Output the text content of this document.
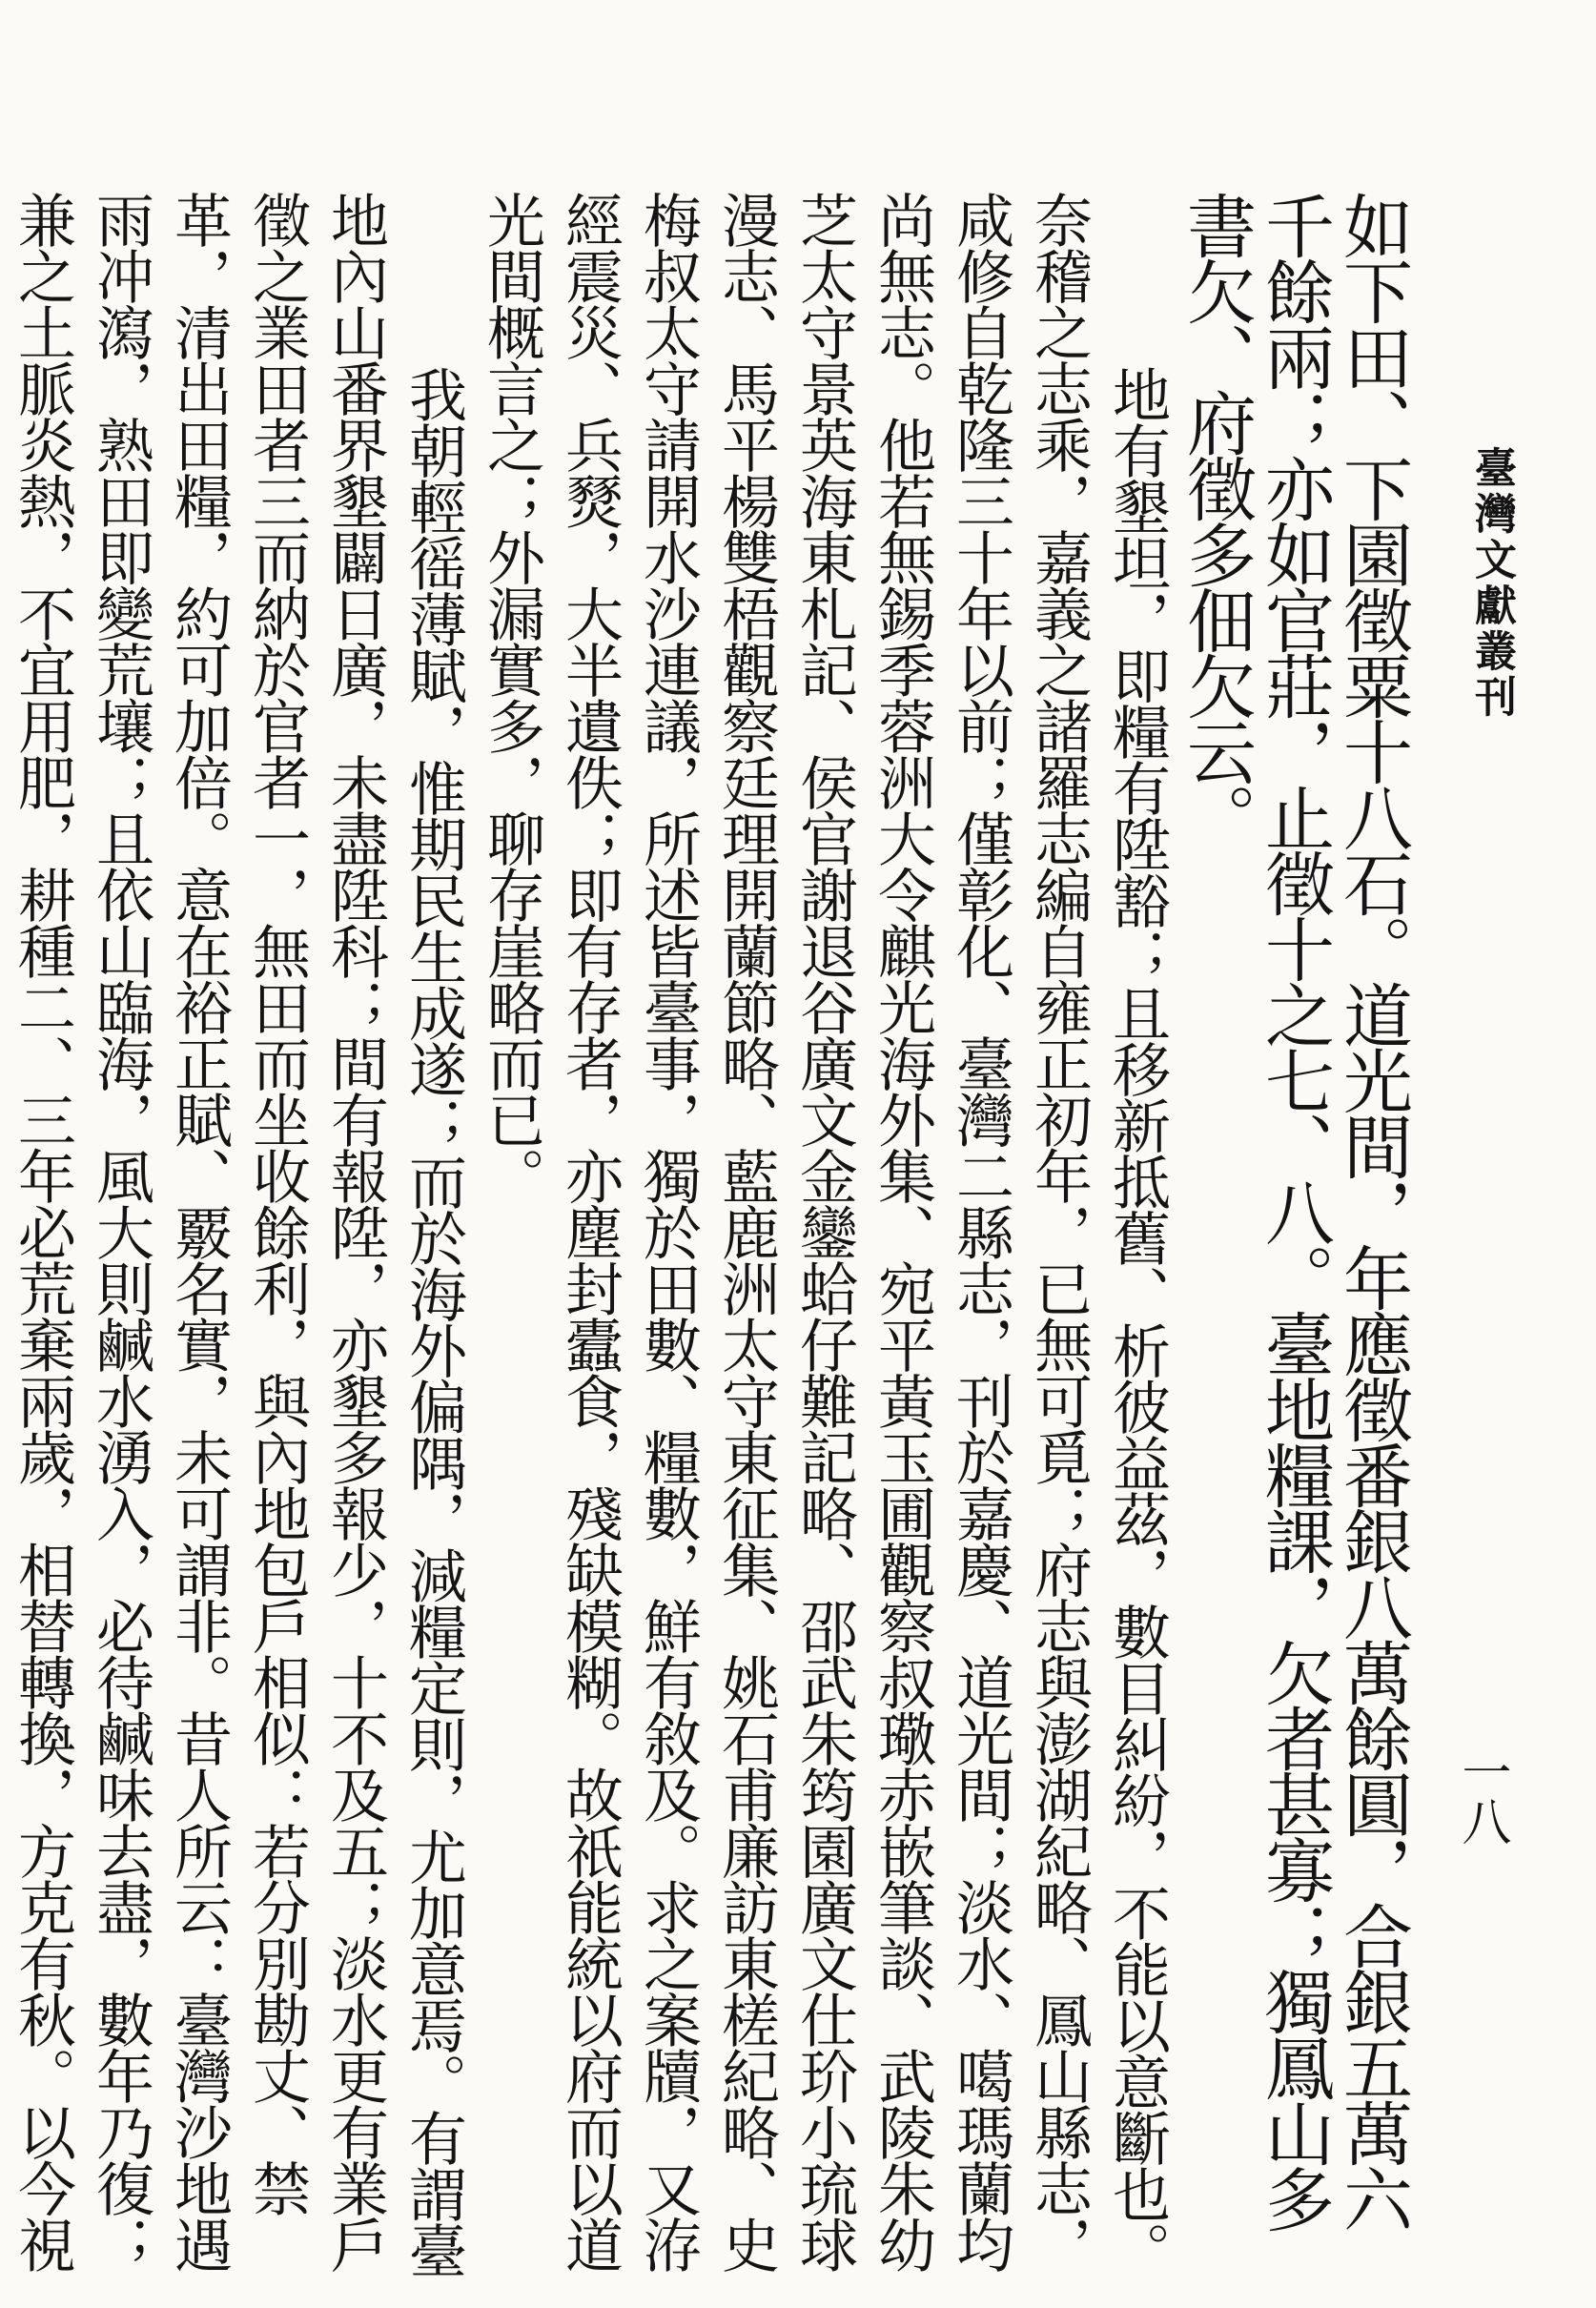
臺灣文獻叢刊
一八

如下田、下園徵粟十八石。道光間，年應徵番銀八萬餘圓，合銀五萬六千餘兩；亦如官莊，止徵十之七、八。臺地糧課，欠者甚寡；獨鳳山多書欠、府徵多佃欠云。

地有墾坦，即糧有陞豁；且移新抵舊、析彼益茲，數目糾紛，不能以意斷也。奈稽之志乘，嘉義之諸羅志編自雍正初年，已無可覓；府志與澎湖紀略、鳳山縣志，咸修自乾隆三十年以前；僅彰化、臺灣二縣志，刊於嘉慶、道光間；淡水、噶瑪蘭均尚無志。他若無錫季蓉洲大令麒光海外集、宛平黃玉圃觀察叔璥赤嵌筆談、武陵朱幼芝太守景英海東札記、侯官謝退谷廣文金鑾蛤仔難記略、邵武朱筠園廣文仕玠小琉球漫志、馬平楊雙梧觀察廷理開蘭節略、藍鹿洲太守東征集、姚石甫廉訪東槎紀略、史梅叔太守請開水沙連議，所述皆臺事，獨於田數、糧數，鮮有敘及。求之案牘，又洊經震災、兵燹，大半遺佚；即有存者，亦塵封蠹食，殘缺模糊。故祇能統以府而以道光間概言之；外漏實多，聊存崖略而已。

我朝輕徭薄賦，惟期民生成遂；而於海外偏隅，減糧定則，尤加意焉。有謂臺地內山番界墾闢日廣，未盡陞科；間有報陞，亦墾多報少，十不及五；淡水更有業戶徵之業田者三而納於官者一，無田而坐收餘利，與內地包戶相似：若分別勘丈、禁革，清出田糧，約可加倍。意在裕正賦、覈名實，未可謂非。昔人所云：臺灣沙地遇雨冲瀉，熟田即變荒壤；且依山臨海，風大則鹹水湧入，必待鹹味去盡，數年乃復；兼之土脈炎熱，不宜用肥，耕種二、三年必荒棄兩歲，相替轉換，方克有秋。以今視
